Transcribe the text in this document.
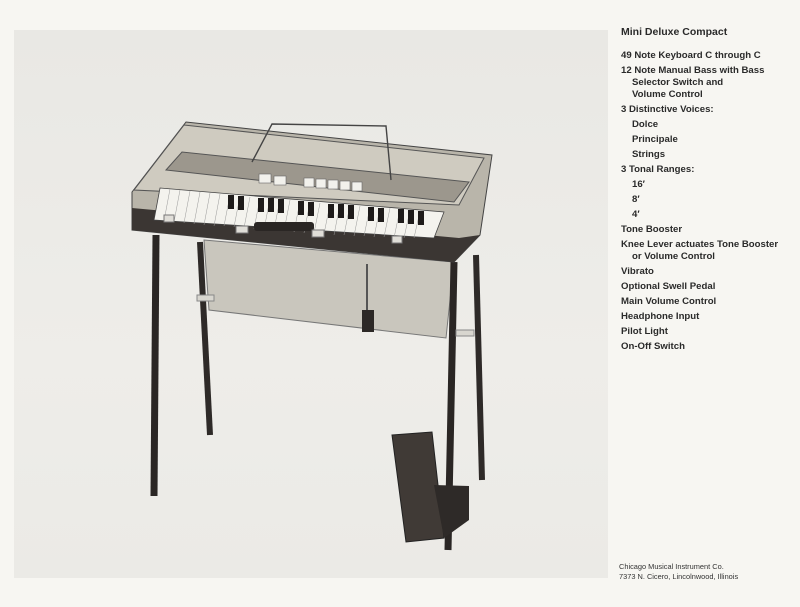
Mini Deluxe Compact
49 Note Keyboard C through C
12 Note Manual Bass with Bass
Selector Switch and
Volume Control
3 Distinctive Voices:
Dolce
Principale
Strings
3 Tonal Ranges:
16′
8′
4′
Tone Booster
Knee Lever actuates Tone Booster
or Volume Control
Vibrato
Optional Swell Pedal
Main Volume Control
Headphone Input
Pilot Light
On-Off Switch
Chicago Musical Instrument Co.
7373 N. Cicero, Lincolnwood, Illinois
